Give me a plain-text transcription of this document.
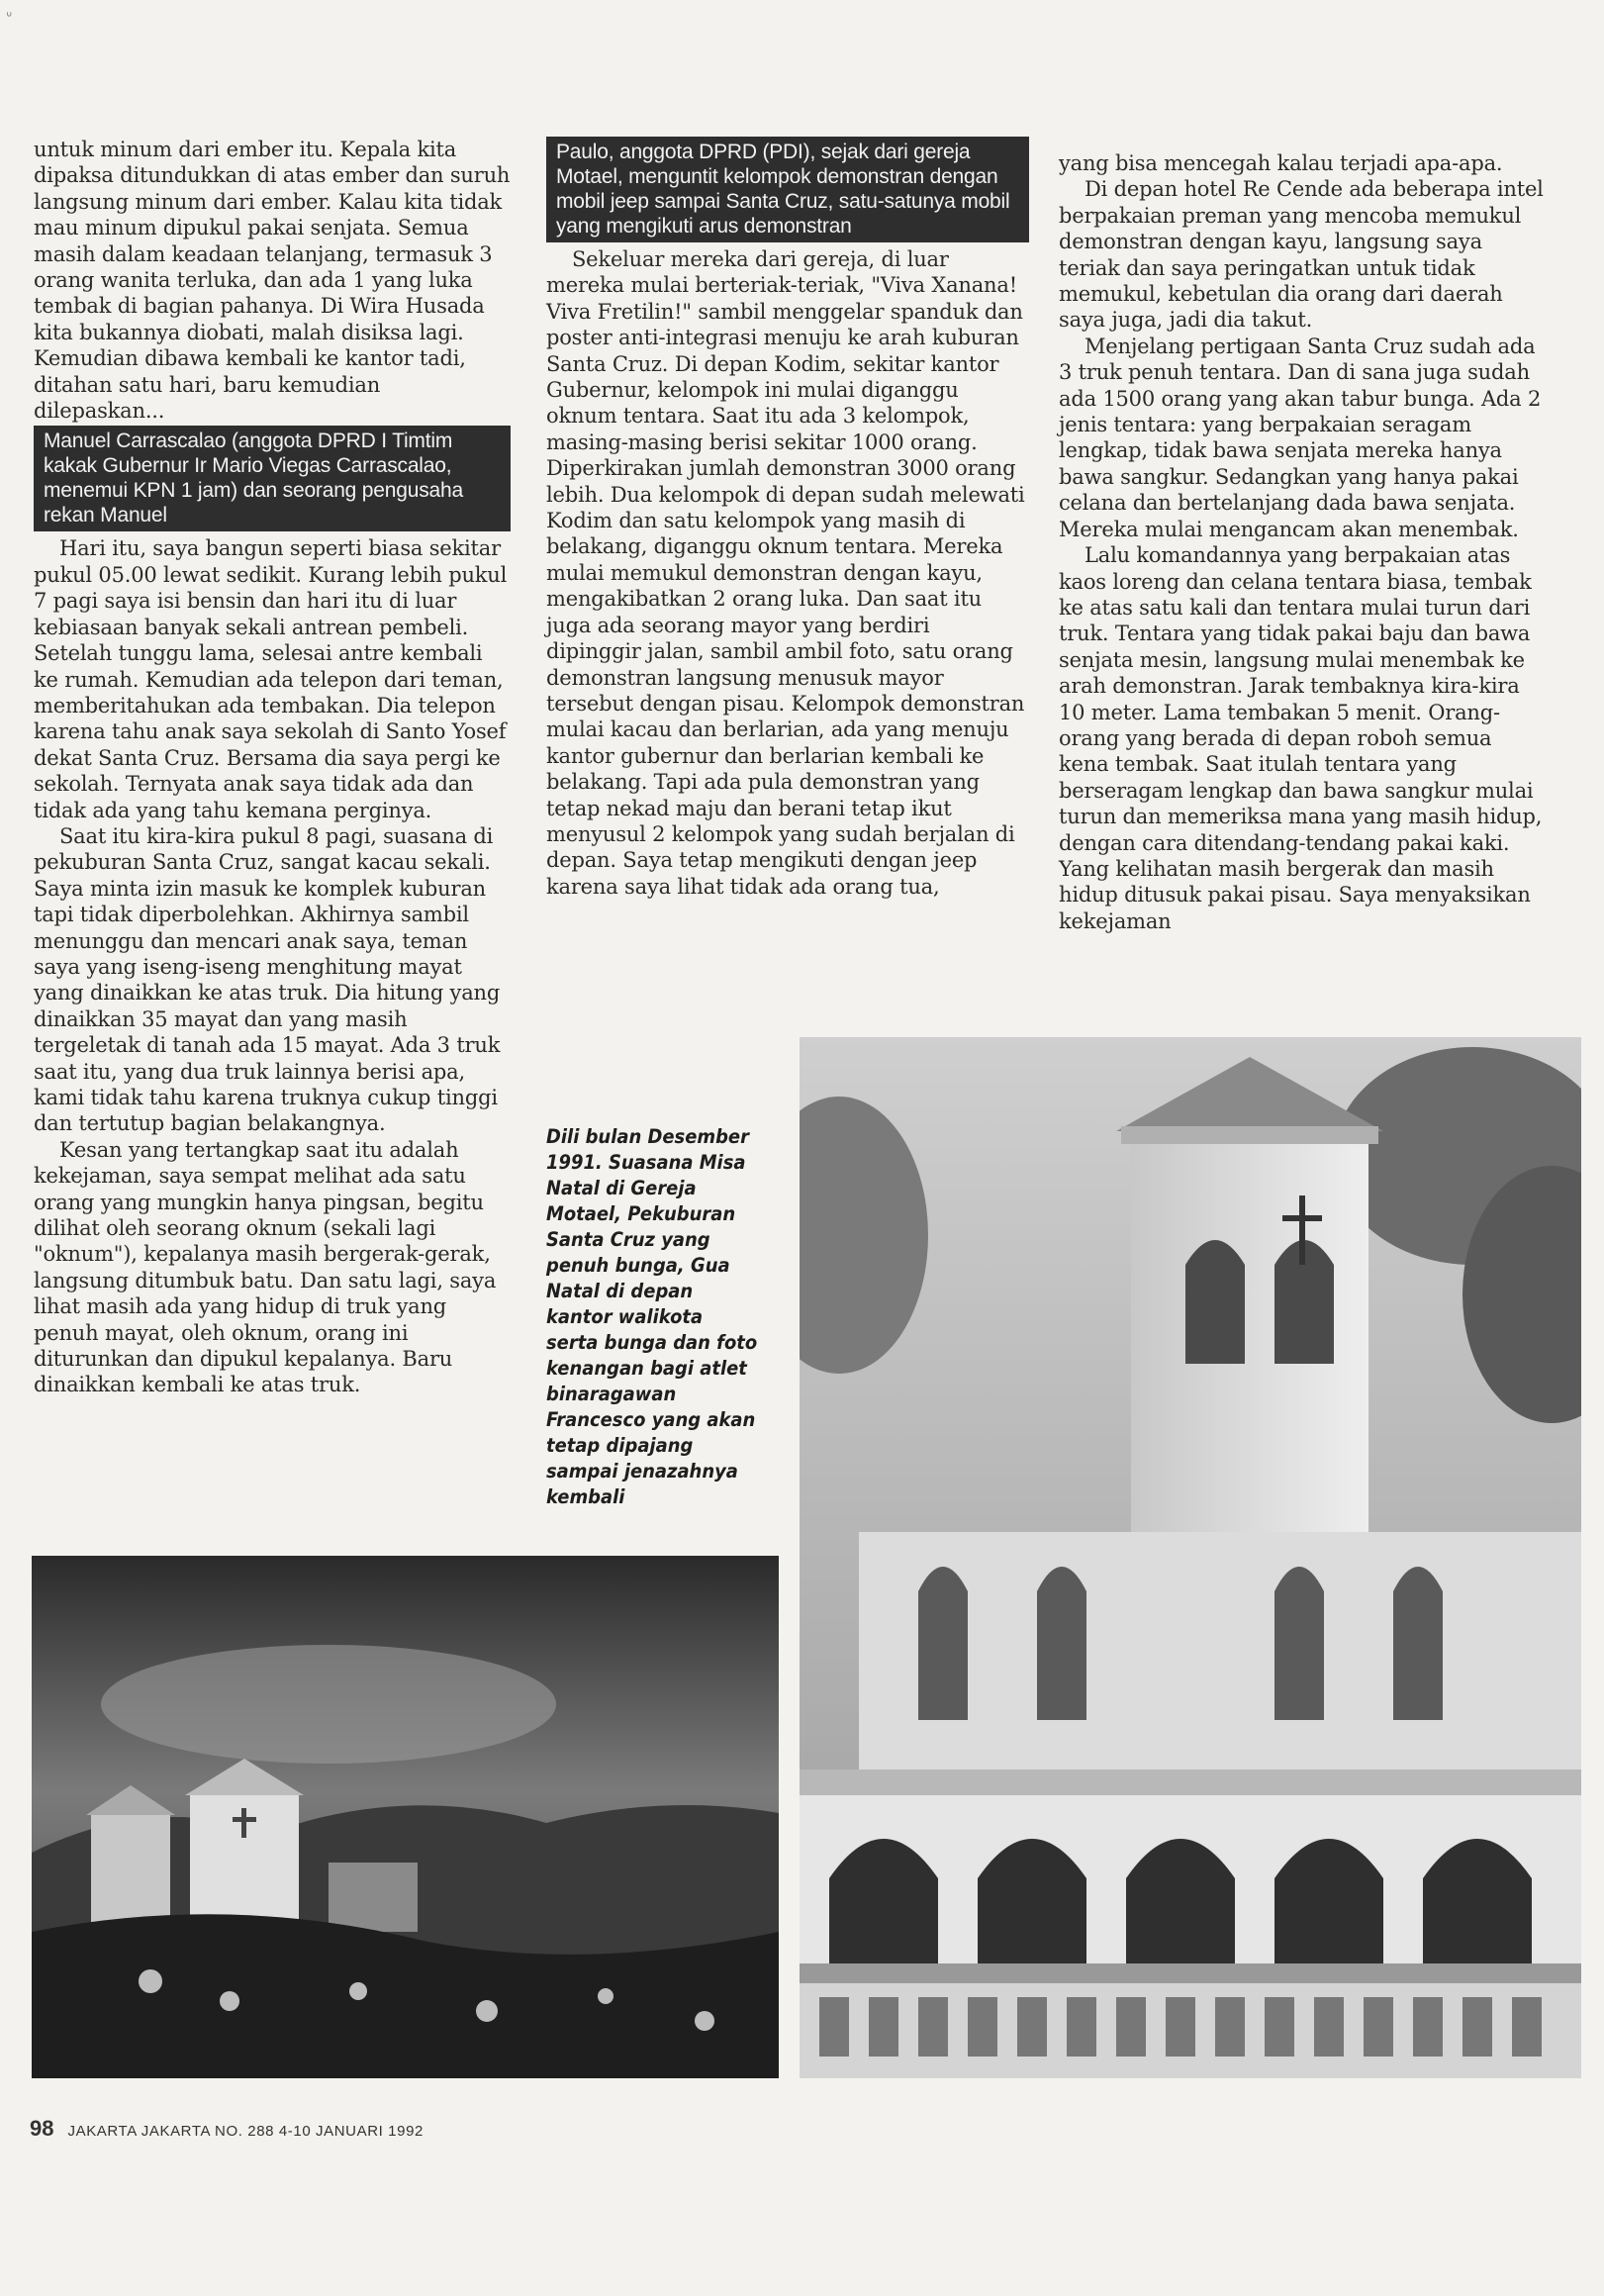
ᐡ

untuk minum dari ember itu. Kepala kita dipaksa ditundukkan di atas ember dan suruh langsung minum dari ember. Kalau kita tidak mau minum dipukul pakai senjata. Semua masih dalam keadaan telanjang, termasuk 3 orang wanita terluka, dan ada 1 yang luka tembak di bagian pahanya. Di Wira Husada kita bukannya diobati, malah disiksa lagi. Kemudian dibawa kembali ke kantor tadi, ditahan satu hari, baru kemudian dilepaskan...

Manuel Carrascalao (anggota DPRD I Timtim kakak Gubernur Ir Mario Viegas Carrascalao, menemui KPN 1 jam) dan seorang pengusaha rekan Manuel

Hari itu, saya bangun seperti biasa sekitar pukul 05.00 lewat sedikit. Kurang lebih pukul 7 pagi saya isi bensin dan hari itu di luar kebiasaan banyak sekali antrean pembeli. Setelah tunggu lama, selesai antre kembali ke rumah. Kemudian ada telepon dari teman, memberitahukan ada tembakan. Dia telepon karena tahu anak saya sekolah di Santo Yosef dekat Santa Cruz. Bersama dia saya pergi ke sekolah. Ternyata anak saya tidak ada dan tidak ada yang tahu kemana perginya.

Saat itu kira-kira pukul 8 pagi, suasana di pekuburan Santa Cruz, sangat kacau sekali. Saya minta izin masuk ke komplek kuburan tapi tidak diperbolehkan. Akhirnya sambil menunggu dan mencari anak saya, teman saya yang iseng-iseng menghitung mayat yang dinaikkan ke atas truk. Dia hitung yang dinaikkan 35 mayat dan yang masih tergeletak di tanah ada 15 mayat. Ada 3 truk saat itu, yang dua truk lainnya berisi apa, kami tidak tahu karena truknya cukup tinggi dan tertutup bagian belakangnya.

Kesan yang tertangkap saat itu adalah kekejaman, saya sempat melihat ada satu orang yang mungkin hanya pingsan, begitu dilihat oleh seorang oknum (sekali lagi "oknum"), kepalanya masih bergerak-gerak, langsung ditumbuk batu. Dan satu lagi, saya lihat masih ada yang hidup di truk yang penuh mayat, oleh oknum, orang ini diturunkan dan dipukul kepalanya. Baru dinaikkan kembali ke atas truk.

Paulo, anggota DPRD (PDI), sejak dari gereja Motael, menguntit kelompok demonstran dengan mobil jeep sampai Santa Cruz, satu-satunya mobil yang mengikuti arus demonstran

Sekeluar mereka dari gereja, di luar mereka mulai berteriak-teriak, "Viva Xanana! Viva Fretilin!" sambil menggelar spanduk dan poster anti-integrasi menuju ke arah kuburan Santa Cruz. Di depan Kodim, sekitar kantor Gubernur, kelompok ini mulai diganggu oknum tentara. Saat itu ada 3 kelompok, masing-masing berisi sekitar 1000 orang. Diperkirakan jumlah demonstran 3000 orang lebih. Dua kelompok di depan sudah melewati Kodim dan satu kelompok yang masih di belakang, diganggu oknum tentara. Mereka mulai memukul demonstran dengan kayu, mengakibatkan 2 orang luka. Dan saat itu juga ada seorang mayor yang berdiri dipinggir jalan, sambil ambil foto, satu orang demonstran langsung menusuk mayor tersebut dengan pisau. Kelompok demonstran mulai kacau dan berlarian, ada yang menuju kantor gubernur dan berlarian kembali ke belakang. Tapi ada pula demonstran yang tetap nekad maju dan berani tetap ikut menyusul 2 kelompok yang sudah berjalan di depan. Saya tetap mengikuti dengan jeep karena saya lihat tidak ada orang tua,

yang bisa mencegah kalau terjadi apa-apa.

Di depan hotel Re Cende ada beberapa intel berpakaian preman yang mencoba memukul demonstran dengan kayu, langsung saya teriak dan saya peringatkan untuk tidak memukul, kebetulan dia orang dari daerah saya juga, jadi dia takut.

Menjelang pertigaan Santa Cruz sudah ada 3 truk penuh tentara. Dan di sana juga sudah ada 1500 orang yang akan tabur bunga. Ada 2 jenis tentara: yang berpakaian seragam lengkap, tidak bawa senjata mereka hanya bawa sangkur. Sedangkan yang hanya pakai celana dan bertelanjang dada bawa senjata. Mereka mulai mengancam akan menembak.

Lalu komandannya yang berpakaian atas kaos loreng dan celana tentara biasa, tembak ke atas satu kali dan tentara mulai turun dari truk. Tentara yang tidak pakai baju dan bawa senjata mesin, langsung mulai menembak ke arah demonstran. Jarak tembaknya kira-kira 10 meter. Lama tembakan 5 menit. Orang-orang yang berada di depan roboh semua kena tembak. Saat itulah tentara yang berseragam lengkap dan bawa sangkur mulai turun dan memeriksa mana yang masih hidup, dengan cara ditendang-tendang pakai kaki. Yang kelihatan masih bergerak dan masih hidup ditusuk pakai pisau. Saya menyaksikan kekejaman

Dili bulan Desember 1991. Suasana Misa Natal di Gereja Motael, Pekuburan Santa Cruz yang penuh bunga, Gua Natal di depan kantor walikota serta bunga dan foto kenangan bagi atlet binaragawan Francesco yang akan tetap dipajang sampai jenazahnya kembali
98 JAKARTA JAKARTA NO. 288 4-10 JANUARI 1992
